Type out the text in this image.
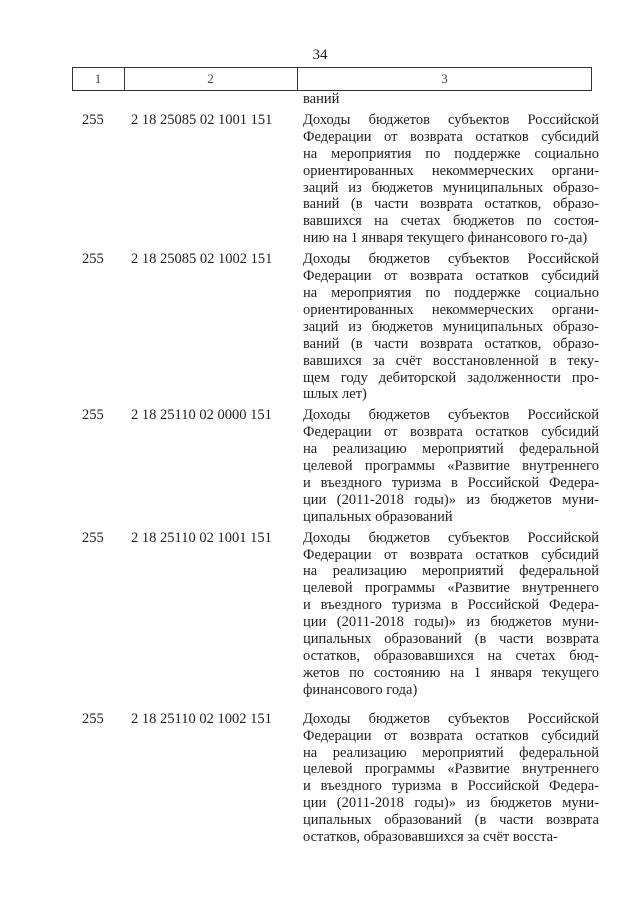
34
1	2	3
ваний
255	2 18 25085 02 1001 151	Доходы бюджетов субъектов Российской
Федерации от возврата остатков субсидий
на мероприятия по поддержке социально
ориентированных некоммерческих органи-
заций из бюджетов муниципальных образо-
ваний (в части возврата остатков, образо-
вавшихся на счетах бюджетов по состоя-
нию на 1 января текущего финансового го-да)
255	2 18 25085 02 1002 151	Доходы бюджетов субъектов Российской
Федерации от возврата остатков субсидий
на мероприятия по поддержке социально
ориентированных некоммерческих органи-
заций из бюджетов муниципальных образо-
ваний (в части возврата остатков, образо-
вавшихся за счёт восстановленной в теку-
щем году дебиторской задолженности про-
шлых лет)
255	2 18 25110 02 0000 151	Доходы бюджетов субъектов Российской
Федерации от возврата остатков субсидий
на реализацию мероприятий федеральной
целевой программы «Развитие внутреннего
и въездного туризма в Российской Федера-
ции (2011-2018 годы)» из бюджетов муни-
ципальных образований
255	2 18 25110 02 1001 151	Доходы бюджетов субъектов Российской
Федерации от возврата остатков субсидий
на реализацию мероприятий федеральной
целевой программы «Развитие внутреннего
и въездного туризма в Российской Федера-
ции (2011-2018 годы)» из бюджетов муни-
ципальных образований (в части возврата
остатков, образовавшихся на счетах бюд-
жетов по состоянию на 1 января текущего
финансового года)
255	2 18 25110 02 1002 151	Доходы бюджетов субъектов Российской
Федерации от возврата остатков субсидий
на реализацию мероприятий федеральной
целевой программы «Развитие внутреннего
и въездного туризма в Российской Федера-
ции (2011-2018 годы)» из бюджетов муни-
ципальных образований (в части возврата
остатков, образовавшихся за счёт восста-
